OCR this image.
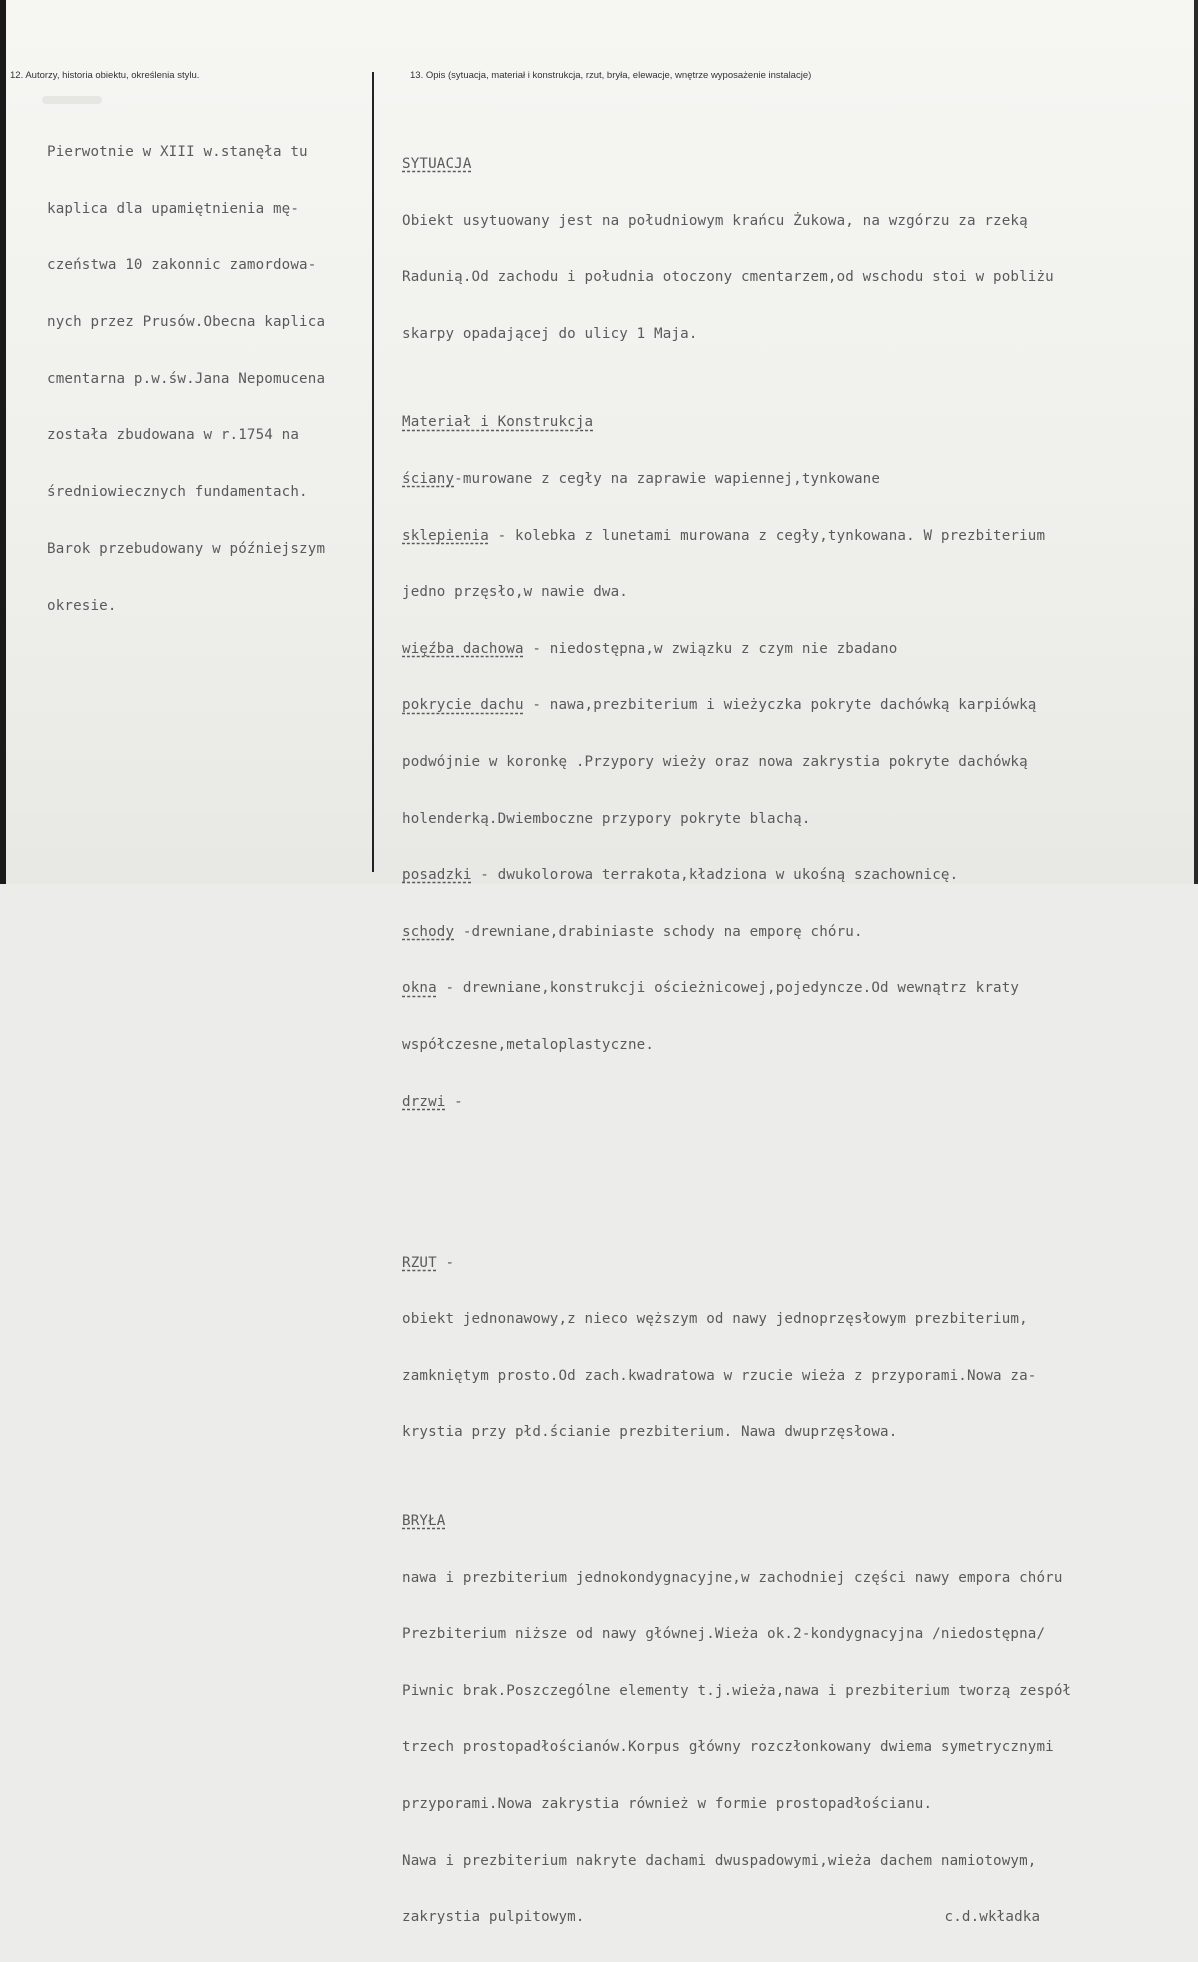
12. Autorzy, historia obiektu, określenia stylu.	13. Opis (sytuacja, materiał i konstrukcja, rzut, bryła, elewacje, wnętrze wyposażenie instalacje)

Pierwotnie w XIII w.stanęła tu

kaplica dla upamiętnienia mę-

czeństwa 10 zakonnic zamordowa-

nych przez Prusów.Obecna kaplica

cmentarna p.w.św.Jana Nepomucena

została zbudowana w r.1754 na

średniowiecznych fundamentach.

Barok przebudowany w późniejszym

okresie.

SYTUACJA

Obiekt usytuowany jest na południowym krańcu Żukowa, na wzgórzu za rzeką

Radunią.Od zachodu i południa otoczony cmentarzem,od wschodu stoi w pobliżu

skarpy opadającej do ulicy 1 Maja.

Materiał i Konstrukcja

ściany-murowane z cegły na zaprawie wapiennej,tynkowane

sklepienia - kolebka z lunetami murowana z cegły,tynkowana. W prezbiterium

jedno przęsło,w nawie dwa.

więźba dachowa - niedostępna,w związku z czym nie zbadano

pokrycie dachu - nawa,prezbiterium i wieżyczka pokryte dachówką karpiówką

podwójnie w koronkę .Przypory wieży oraz nowa zakrystia pokryte dachówką

holenderką.Dwiemboczne przypory pokryte blachą.

posadzki - dwukolorowa terrakota,kładziona w ukośną szachownicę.

schody -drewniane,drabiniaste schody na emporę chóru.

okna - drewniane,konstrukcji ościeżnicowej,pojedyncze.Od wewnątrz kraty

współczesne,metaloplastyczne.

drzwi -

RZUT -

obiekt jednonawowy,z nieco węższym od nawy jednoprzęsłowym prezbiterium,

zamkniętym prosto.Od zach.kwadratowa w rzucie wieża z przyporami.Nowa za-

krystia przy płd.ścianie prezbiterium. Nawa dwuprzęsłowa.

BRYŁA

nawa i prezbiterium jednokondygnacyjne,w zachodniej części nawy empora chóru

Prezbiterium niższe od nawy głównej.Wieża ok.2-kondygnacyjna /niedostępna/

Piwnic brak.Poszczególne elementy t.j.wieża,nawa i prezbiterium tworzą zespół

trzech prostopadłościanów.Korpus główny rozczłonkowany dwiema symetrycznymi

przyporami.Nowa zakrystia również w formie prostopadłościanu.

Nawa i prezbiterium nakryte dachami dwuspadowymi,wieża dachem namiotowym,

zakrystia pulpitowym.	c.d.wkładka
